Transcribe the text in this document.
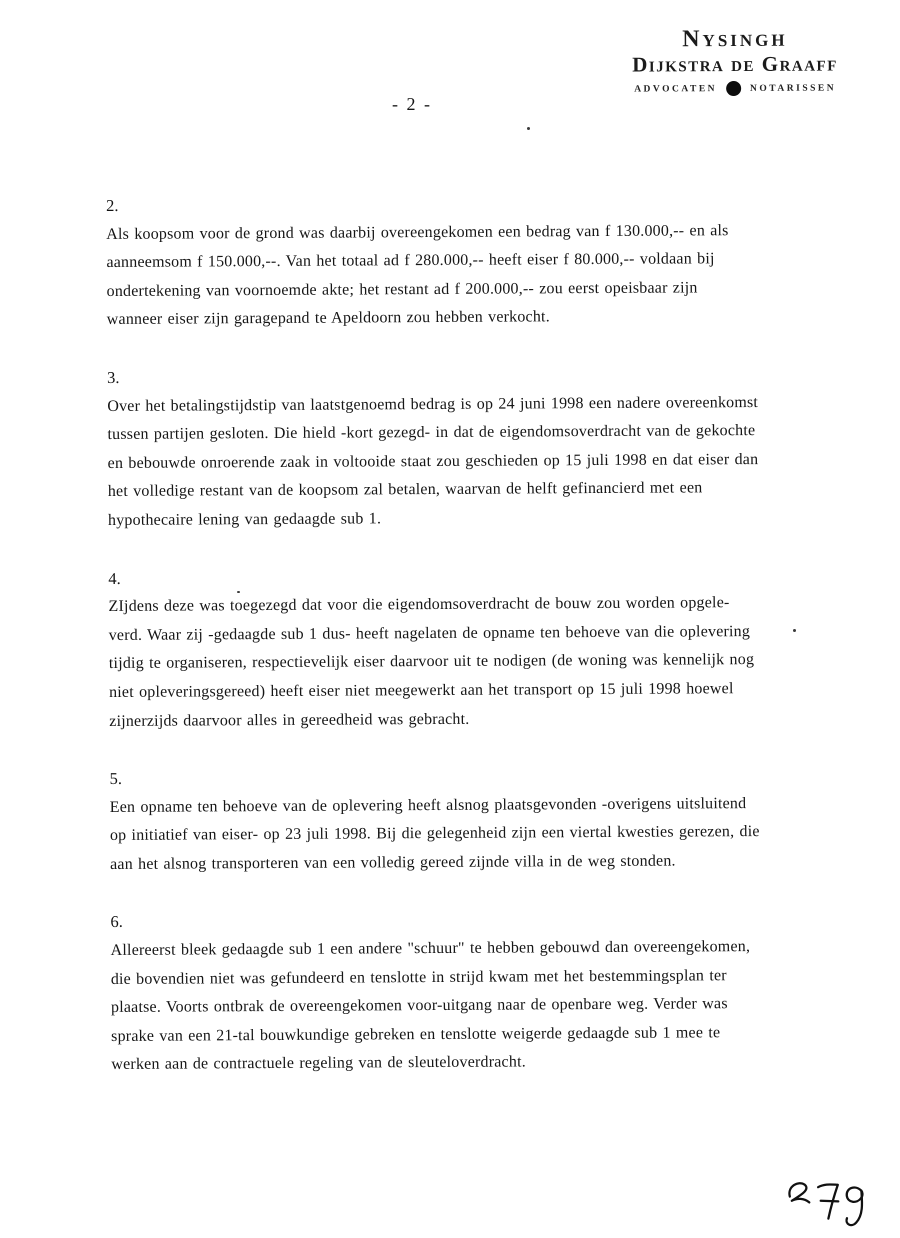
Nysingh
Dijkstra de Graaff
ADVOCATEN	NOTARISSEN
- 2 -
2.
Als koopsom voor de grond was daarbij overeengekomen een bedrag van f 130.000,-- en als
aanneemsom f 150.000,--. Van het totaal ad f 280.000,-- heeft eiser f 80.000,-- voldaan bij
ondertekening van voornoemde akte; het restant ad f 200.000,-- zou eerst opeisbaar zijn
wanneer eiser zijn garagepand te Apeldoorn zou hebben verkocht.
3.
Over het betalingstijdstip van laatstgenoemd bedrag is op 24 juni 1998 een nadere overeenkomst
tussen partijen gesloten. Die hield -kort gezegd- in dat de eigendomsoverdracht van de gekochte
en bebouwde onroerende zaak in voltooide staat zou geschieden op 15 juli 1998 en dat eiser dan
het volledige restant van de koopsom zal betalen, waarvan de helft gefinancierd met een
hypothecaire lening van gedaagde sub 1.
4.
ZIjdens deze was toegezegd dat voor die eigendomsoverdracht de bouw zou worden opgele-
verd. Waar zij -gedaagde sub 1 dus- heeft nagelaten de opname ten behoeve van die oplevering
tijdig te organiseren, respectievelijk eiser daarvoor uit te nodigen (de woning was kennelijk nog
niet opleveringsgereed) heeft eiser niet meegewerkt aan het transport op 15 juli 1998 hoewel
zijnerzijds daarvoor alles in gereedheid was gebracht.
5.
Een opname ten behoeve van de oplevering heeft alsnog plaatsgevonden -overigens uitsluitend
op initiatief van eiser- op 23 juli 1998. Bij die gelegenheid zijn een viertal kwesties gerezen, die
aan het alsnog transporteren van een volledig gereed zijnde villa in de weg stonden.
6.
Allereerst bleek gedaagde sub 1 een andere "schuur" te hebben gebouwd dan overeengekomen,
die bovendien niet was gefundeerd en tenslotte in strijd kwam met het bestemmingsplan ter
plaatse. Voorts ontbrak de overeengekomen voor-uitgang naar de openbare weg. Verder was
sprake van een 21-tal bouwkundige gebreken en tenslotte weigerde gedaagde sub 1 mee te
werken aan de contractuele regeling van de sleuteloverdracht.
